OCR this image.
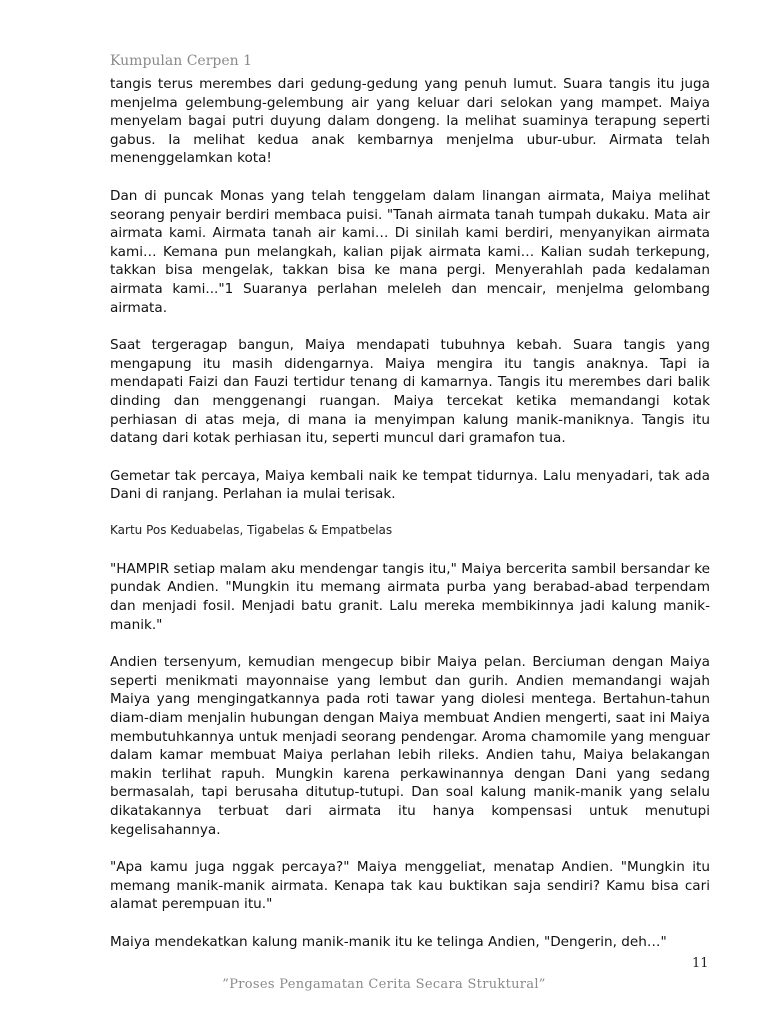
Kumpulan Cerpen 1

tangis terus merembes dari gedung-gedung yang penuh lumut. Suara tangis itu juga menjelma gelembung-gelembung air yang keluar dari selokan yang mampet. Maiya menyelam bagai putri duyung dalam dongeng. Ia melihat suaminya terapung seperti gabus. Ia melihat kedua anak kembarnya menjelma ubur-ubur. Airmata telah menenggelamkan kota!

Dan di puncak Monas yang telah tenggelam dalam linangan airmata, Maiya melihat seorang penyair berdiri membaca puisi. "Tanah airmata tanah tumpah dukaku. Mata air airmata kami. Airmata tanah air kami… Di sinilah kami berdiri, menyanyikan airmata kami… Kemana pun melangkah, kalian pijak airmata kami… Kalian sudah terkepung, takkan bisa mengelak, takkan bisa ke mana pergi. Menyerahlah pada kedalaman airmata kami..."1 Suaranya perlahan meleleh dan mencair, menjelma gelombang airmata.

Saat tergeragap bangun, Maiya mendapati tubuhnya kebah. Suara tangis yang mengapung itu masih didengarnya. Maiya mengira itu tangis anaknya. Tapi ia mendapati Faizi dan Fauzi tertidur tenang di kamarnya. Tangis itu merembes dari balik dinding dan menggenangi ruangan. Maiya tercekat ketika memandangi kotak perhiasan di atas meja, di mana ia menyimpan kalung manik-maniknya. Tangis itu datang dari kotak perhiasan itu, seperti muncul dari gramafon tua.

Gemetar tak percaya, Maiya kembali naik ke tempat tidurnya. Lalu menyadari, tak ada Dani di ranjang. Perlahan ia mulai terisak.

Kartu Pos Keduabelas, Tigabelas & Empatbelas

"HAMPIR setiap malam aku mendengar tangis itu," Maiya bercerita sambil bersandar ke pundak Andien. "Mungkin itu memang airmata purba yang berabad-abad terpendam dan menjadi fosil. Menjadi batu granit. Lalu mereka membikinnya jadi kalung manik-manik."

Andien tersenyum, kemudian mengecup bibir Maiya pelan. Berciuman dengan Maiya seperti menikmati mayonnaise yang lembut dan gurih. Andien memandangi wajah Maiya yang mengingatkannya pada roti tawar yang diolesi mentega. Bertahun-tahun diam-diam menjalin hubungan dengan Maiya membuat Andien mengerti, saat ini Maiya membutuhkannya untuk menjadi seorang pendengar. Aroma chamomile yang menguar dalam kamar membuat Maiya perlahan lebih rileks. Andien tahu, Maiya belakangan makin terlihat rapuh. Mungkin karena perkawinannya dengan Dani yang sedang bermasalah, tapi berusaha ditutup-tutupi. Dan soal kalung manik-manik yang selalu dikatakannya terbuat dari airmata itu hanya kompensasi untuk menutupi kegelisahannya.

"Apa kamu juga nggak percaya?" Maiya menggeliat, menatap Andien. "Mungkin itu memang manik-manik airmata. Kenapa tak kau buktikan saja sendiri? Kamu bisa cari alamat perempuan itu."

Maiya mendekatkan kalung manik-manik itu ke telinga Andien, "Dengerin, deh…"

11
”Proses Pengamatan Cerita Secara Struktural”
